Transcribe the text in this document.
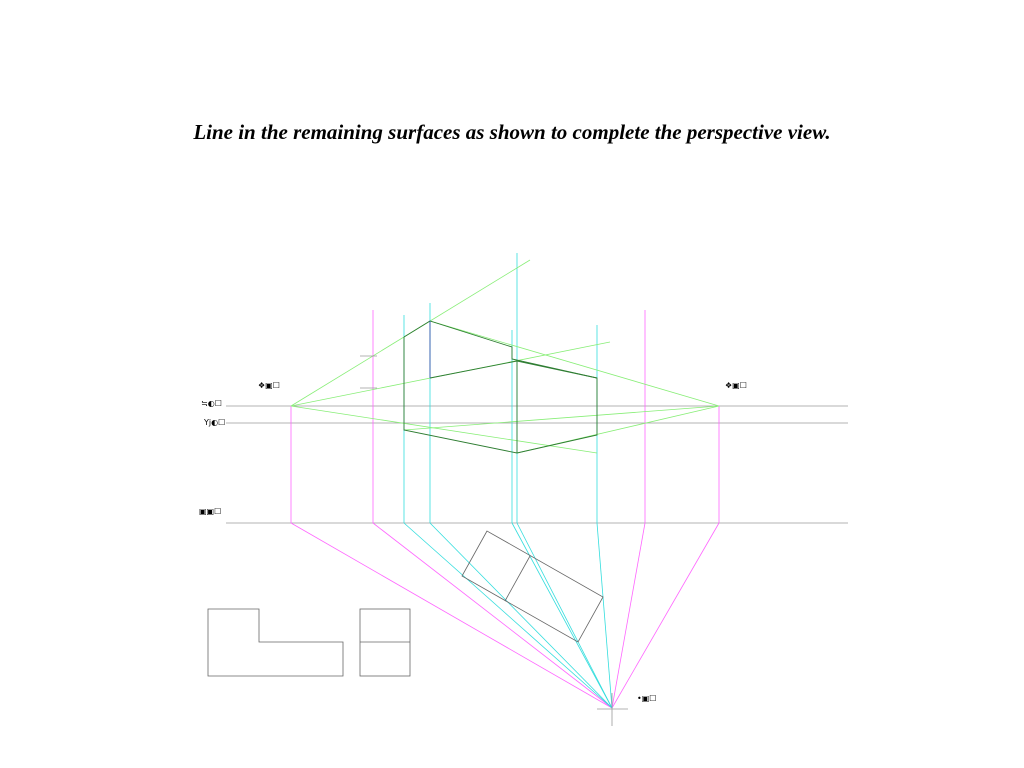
Line in the remaining surfaces as shown to complete the perspective view.
❖▣☐	❖▣☐
≒◐☐
Yj◐☐
▣▣☐
•▣☐
